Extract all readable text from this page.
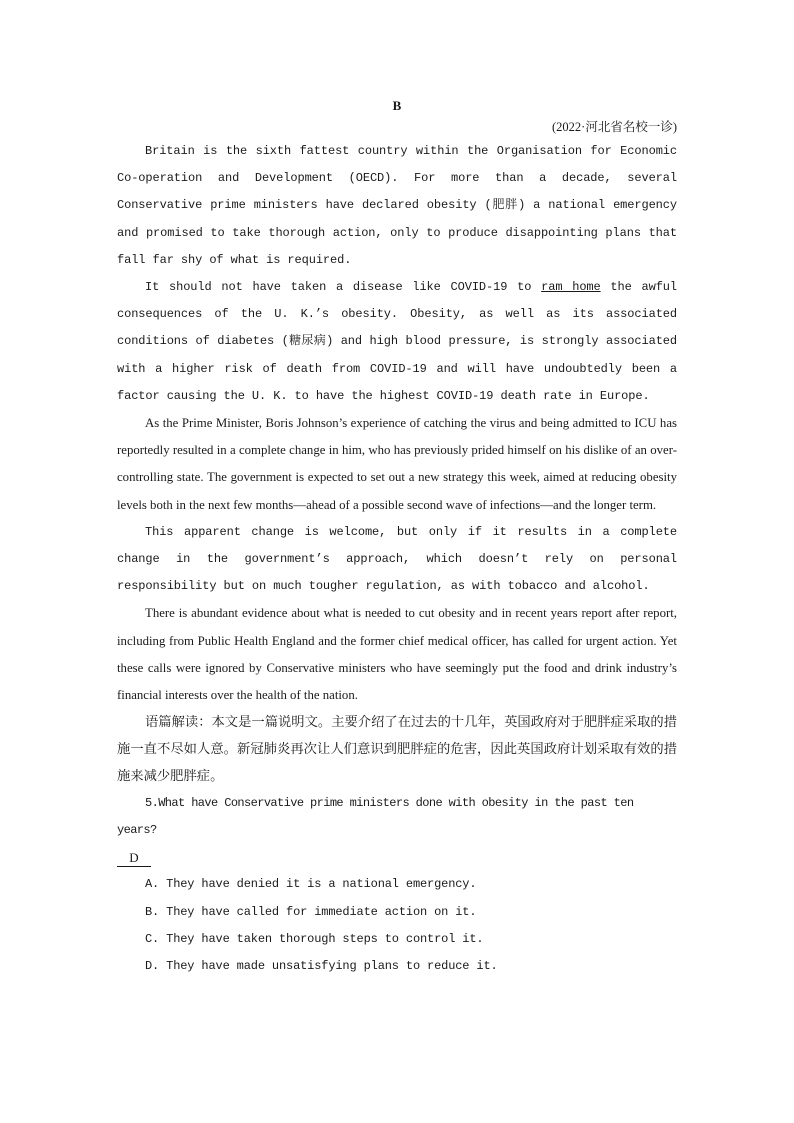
B
(2022·河北省名校一诊)

Britain is the sixth fattest country within the Organisation for Economic Co-operation and Development (OECD). For more than a decade, several Conservative prime ministers have declared obesity (肥胖) a national emergency and promised to take thorough action, only to produce disappointing plans that fall far shy of what is required.

It should not have taken a disease like COVID-19 to ram home the awful consequences of the U. K.’s obesity. Obesity, as well as its associated conditions of diabetes (糖尿病) and high blood pressure, is strongly associated with a higher risk of death from COVID-19 and will have undoubtedly been a factor causing the U. K. to have the highest COVID-19 death rate in Europe.

As the Prime Minister, Boris Johnson’s experience of catching the virus and being admitted to ICU has reportedly resulted in a complete change in him, who has previously prided himself on his dislike of an over-controlling state. The government is expected to set out a new strategy this week, aimed at reducing obesity levels both in the next few months—ahead of a possible second wave of infections—and the longer term.

This apparent change is welcome, but only if it results in a complete change in the government’s approach, which doesn’t rely on personal responsibility but on much tougher regulation, as with tobacco and alcohol.

There is abundant evidence about what is needed to cut obesity and in recent years report after report, including from Public Health England and the former chief medical officer, has called for urgent action. Yet these calls were ignored by Conservative ministers who have seemingly put the food and drink industry’s financial interests over the health of the nation.

语篇解读：本文是一篇说明文。主要介绍了在过去的十几年，英国政府对于肥胖症采取的措施一直不尽如人意。新冠肺炎再次让人们意识到肥胖症的危害，因此英国政府计划采取有效的措施来减少肥胖症。

5.What have Conservative prime ministers done with obesity in the past ten years?

D

A. They have denied it is a national emergency.

B. They have called for immediate action on it.

C. They have taken thorough steps to control it.

D. They have made unsatisfying plans to reduce it.
